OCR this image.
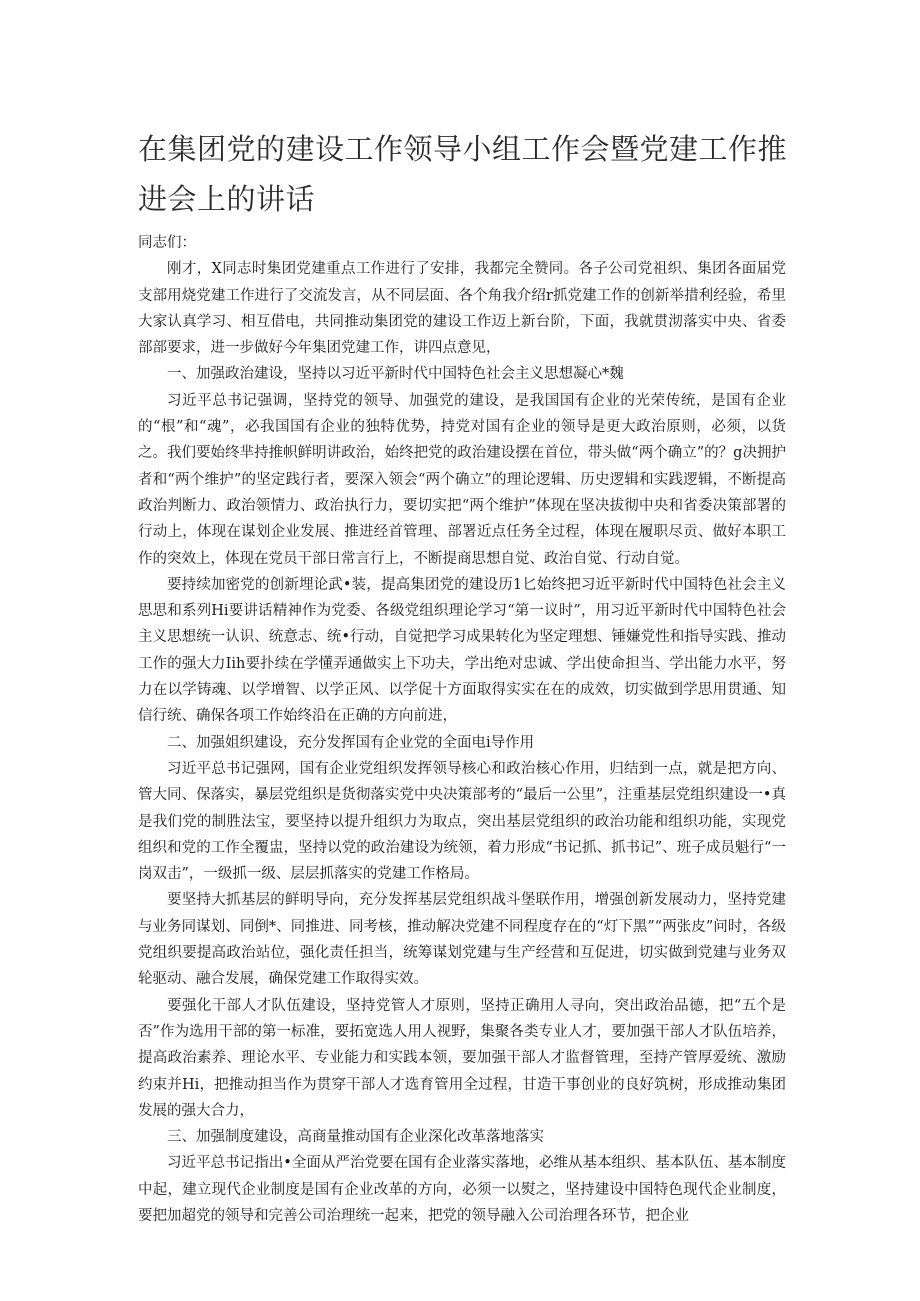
在集团党的建设工作领导小组工作会暨党建工作推进会上的讲话

同志们：

刚才，X同志时集团党建重点工作进行了安排，我都完全赞同。各子公司党祖织、集团各面届党支部用烧党建工作进行了交流发言，从不同层面、各个角我介绍r抓党建工作的创新举措利经验，希里大家认真学习、相互借电，共同推动集团党的建设工作迈上新台阶，下面，我就贯沏落实中央、省委部部要求，进一步做好今年集团党建工作，讲四点意见，

一、加强政治建设，坚持以习近平新时代中国特色社会主义思想凝心*魏

习近平总书记强调，坚持党的领导、加强党的建设，是我国国有企业的光荣传统，是国有企业的“根”和“魂”，必我国国有企业的独特优势，持党对国有企业的领导是更大政治原则，必须，以货之。我们要始终芈持推帜鲜明讲政治，始终把党的政治建设摆在首位，带头做“两个确立”的？g决拥护者和“两个维护”的坚定践行者，要深入领会“两个确立”的理论逻辑、历史逻辑和实践逻辑，不断提高政治判断力、政治领情力、政治执行力，要切实把“两个维护”体现在坚决拔彻中央和省委决策部署的行动上，体现在谋划企业发展、推进经首管理、部署近点任务全过程，体现在履职尽贡、做好本职工作的突效上，体现在党员干部日常言行上，不断提商思想自觉、政治自觉、行动自觉。

要持续加密党的创新埋论武•装，提高集团党的建设历1匕始终把习近平新时代中国特色社会主义思思和系列Hi要讲话精神作为党委、各级党组织理论学习“第一议时”，用习近平新时代中国特色社会主义思想统一认识、统意志、统•行动，自觉把学习成果转化为坚定理想、锤嫌党性和指导实践、推动工作的强大力Iih要扑续在学懂弄通做实上下功夫，学出绝对忠诚、学出使命担当、学出能力水平，努力在以学铸魂、以学增智、以学正风、以学促十方面取得实实在在的成效，切实做到学思用贯通、知信行统、确保各项工作始终沿在正确的方向前进，

二、加强姐织建设，充分发挥国有企业党的全面电i导作用

习近平总书记强网，国有企业党组织发挥领导核心和政治核心作用，归结到一点，就是把方向、管大同、保落实，暴层党组织是货彻落实党中央决策部考的“最后一公里”，注重基层党组织建设一•真是我们党的制胜法宝，要坚持以提升组织力为取点，突出基层党组织的政治功能和组织功能，实现党组织和党的工作全覆盅，坚持以党的政治建设为统领，着力形成“书记抓、抓书记”、班子成员魁行“一岗双击”，一级抓一级、层层抓落实的党建工作格局。

要坚持大抓基层的鲜明导向，充分发挥基层党组织战斗堡联作用，增强创新发展动力，坚持党建与业务同谋划、同倒*、同推进、同考核，推动解决党建不同程度存在的“灯下黑”“两张皮”问时，各级党组织要提高政治站位，强化责任担当，统筹谋划党建与生产经营和互促进，切实做到党建与业务双轮驱动、融合发展，确保党建工作取得实效。

要强化干部人才队伍建设，坚持党管人才原则，坚持正确用人寻向，突出政治品德，把“五个是否”作为选用干部的第一标准，要拓宽选人用人视野，集聚各类专业人才，要加强干部人才队伍培养，提高政治素养、理论水平、专业能力和实践本领，要加强干部人才监督管理，至持产管厚爱统、激励约束并Hi，把推动担当作为贯穿干部人才选育管用全过程，甘造干事创业的良好筑树，形成推动集团发展的强大合力，

三、加强制度建设，高商量推动国有企业深化改革落地落实

习近平总书记指出•全面从严治党要在国有企业落实落地，必维从基本组织、基本队伍、基本制度中起，建立现代企业制度是国有企业改革的方向，必须一以熨之，坚持建设中国特色现代企业制度，要把加超党的领导和完善公司治理统一起来，把党的领导融入公司治理各环节，把企业
